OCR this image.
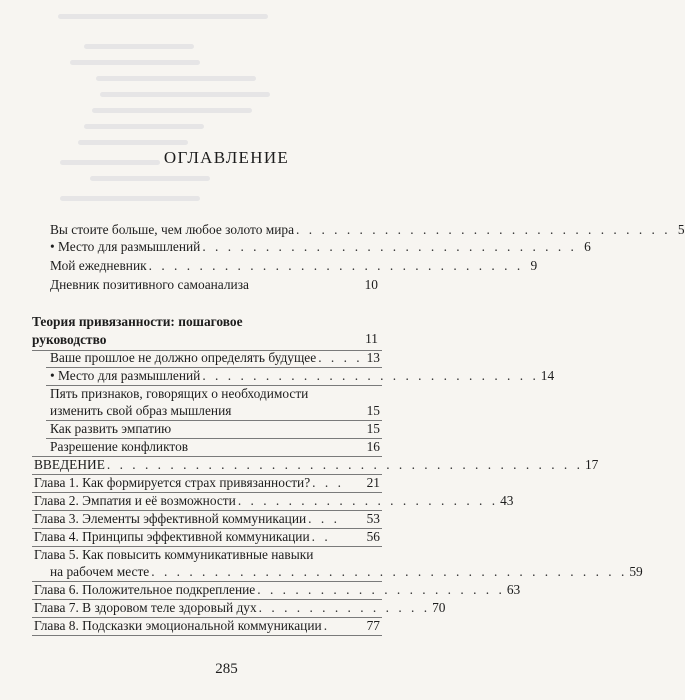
ОГЛАВЛЕНИЕ
Вы стоите больше, чем любое золото мира . . . . . . . . . . . . . . . . . . . . . . . . . . . . . . 5
• Место для размышлений . . . . . . . . . . . . . . . . . . . . . . . . . . . . . . 6
Мой ежедневник . . . . . . . . . . . . . . . . . . . . . . . . . . . . . . 9
Дневник позитивного самоанализа	10
Теория привязанности: пошаговое
руководство	11
Ваше прошлое не должно определять будущее . . . . 13
• Место для размышлений . . . . . . . . . . . . . . . . . . . . . . . . . . . 14
Пять признаков, говорящих о необходимости
изменить свой образ мышления	15
Как развить эмпатию	15
Разрешение конфликтов	16
ВВЕДЕНИЕ . . . . . . . . . . . . . . . . . . . . . . . . . . . . . . . . . . . . . . 17
Глава 1. Как формируется страх привязанности? . . .	21
Глава 2. Эмпатия и её возможности . . . . . . . . . . . . . . . . . . . . . 43
Глава 3. Элементы эффективной коммуникации . . .	53
Глава 4. Принципы эффективной коммуникации . .	56
Глава 5. Как повысить коммуникативные навыки
на рабочем месте . . . . . . . . . . . . . . . . . . . . . . . . . . . . . . . . . . . . . . 59
Глава 6. Положительное подкрепление . . . . . . . . . . . . . . . . . . . . 63
Глава 7. В здоровом теле здоровый дух . . . . . . . . . . . . . . 70
Глава 8. Подсказки эмоциональной коммуникации .	77
285
